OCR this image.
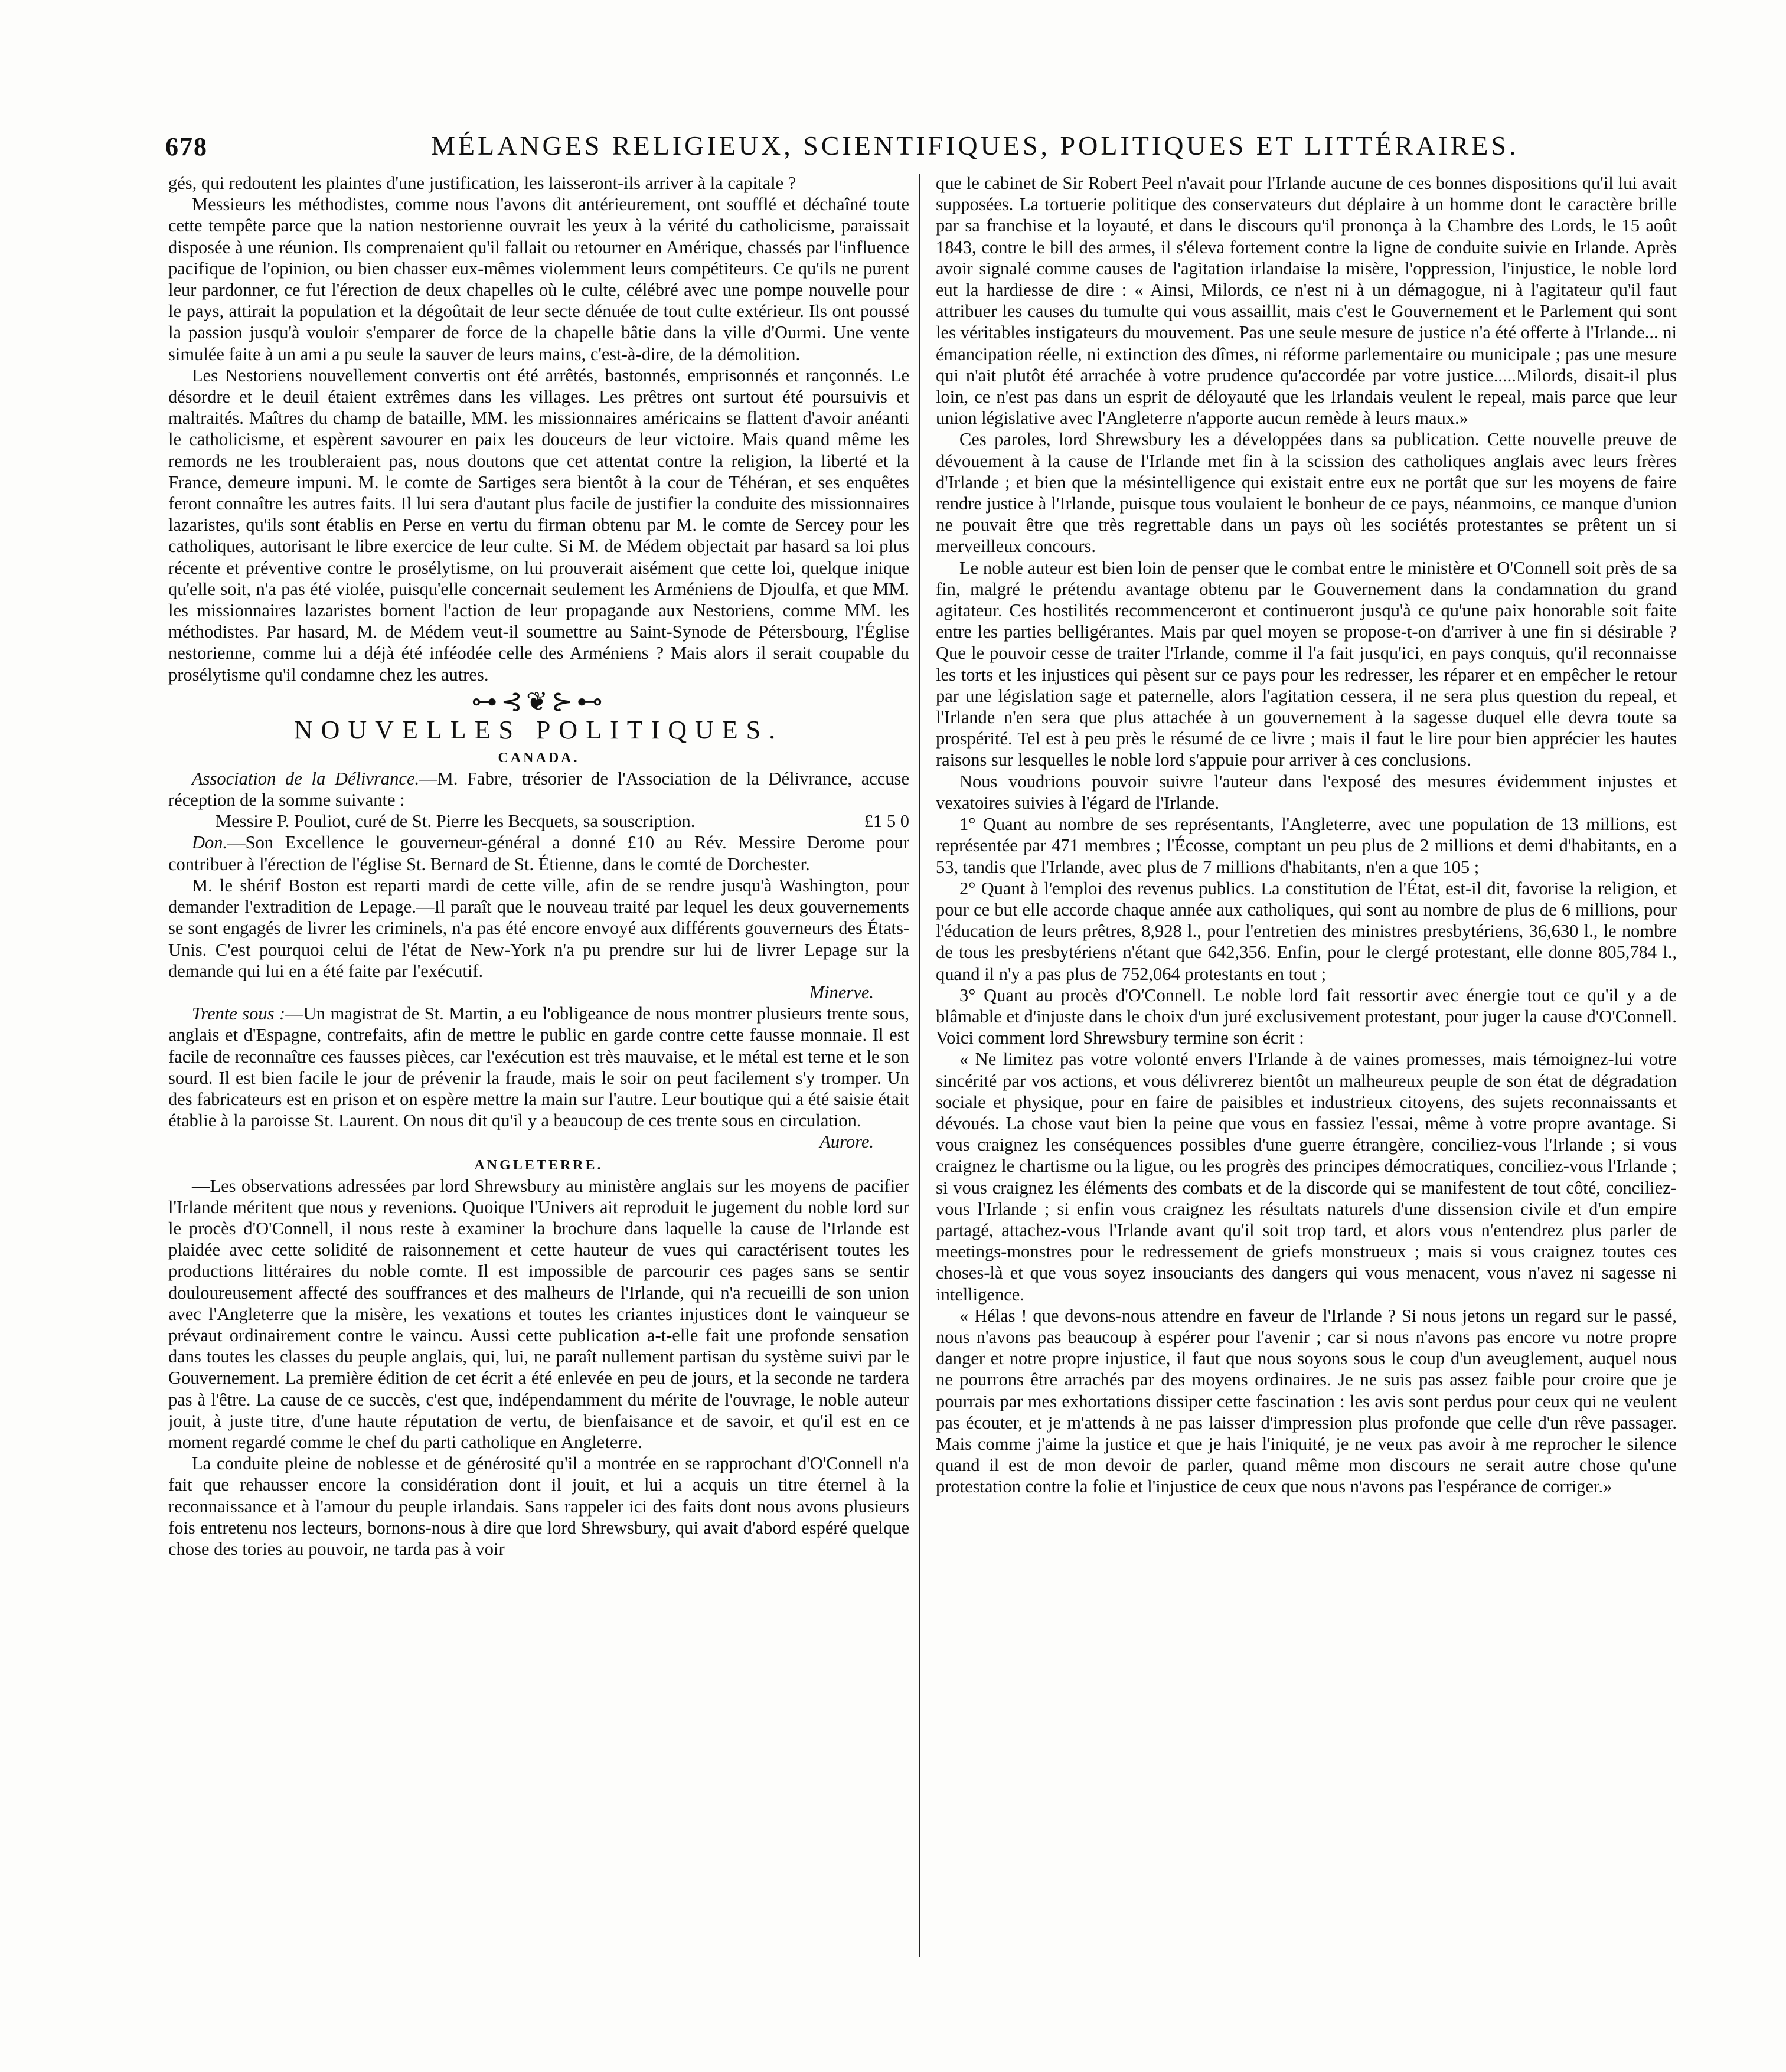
678	MÉLANGES RELIGIEUX, SCIENTIFIQUES, POLITIQUES ET LITTÉRAIRES.

gés, qui redoutent les plaintes d'une justification, les laisseront-ils arriver à la capitale ?

Messieurs les méthodistes, comme nous l'avons dit antérieurement, ont soufflé et déchaîné toute cette tempête parce que la nation nestorienne ouvrait les yeux à la vérité du catholicisme, paraissait disposée à une réunion. Ils comprenaient qu'il fallait ou retourner en Amérique, chassés par l'influence pacifique de l'opinion, ou bien chasser eux-mêmes violemment leurs compétiteurs. Ce qu'ils ne purent leur pardonner, ce fut l'érection de deux chapelles où le culte, célébré avec une pompe nouvelle pour le pays, attirait la population et la dégoûtait de leur secte dénuée de tout culte extérieur. Ils ont poussé la passion jusqu'à vouloir s'emparer de force de la chapelle bâtie dans la ville d'Ourmi. Une vente simulée faite à un ami a pu seule la sauver de leurs mains, c'est-à-dire, de la démolition.

Les Nestoriens nouvellement convertis ont été arrêtés, bastonnés, emprisonnés et rançonnés. Le désordre et le deuil étaient extrêmes dans les villages. Les prêtres ont surtout été poursuivis et maltraités. Maîtres du champ de bataille, MM. les missionnaires américains se flattent d'avoir anéanti le catholicisme, et espèrent savourer en paix les douceurs de leur victoire. Mais quand même les remords ne les troubleraient pas, nous doutons que cet attentat contre la religion, la liberté et la France, demeure impuni. M. le comte de Sartiges sera bientôt à la cour de Téhéran, et ses enquêtes feront connaître les autres faits. Il lui sera d'autant plus facile de justifier la conduite des missionnaires lazaristes, qu'ils sont établis en Perse en vertu du firman obtenu par M. le comte de Sercey pour les catholiques, autorisant le libre exercice de leur culte. Si M. de Médem objectait par hasard sa loi plus récente et préventive contre le prosélytisme, on lui prouverait aisément que cette loi, quelque inique qu'elle soit, n'a pas été violée, puisqu'elle concernait seulement les Arméniens de Djoulfa, et que MM. les missionnaires lazaristes bornent l'action de leur propagande aux Nestoriens, comme MM. les méthodistes. Par hasard, M. de Médem veut-il soumettre au Saint-Synode de Pétersbourg, l'Église nestorienne, comme lui a déjà été inféodée celle des Arméniens ? Mais alors il serait coupable du prosélytisme qu'il condamne chez les autres.

⊶⊰❦⊱⊷
NOUVELLES POLITIQUES.
CANADA.

Association de la Délivrance.—M. Fabre, trésorier de l'Association de la Délivrance, accuse réception de la somme suivante :

Messire P. Pouliot, curé de St. Pierre les Becquets, sa souscription.	£1 5 0

Don.—Son Excellence le gouverneur-général a donné £10 au Rév. Messire Derome pour contribuer à l'érection de l'église St. Bernard de St. Étienne, dans le comté de Dorchester.

M. le shérif Boston est reparti mardi de cette ville, afin de se rendre jusqu'à Washington, pour demander l'extradition de Lepage.—Il paraît que le nouveau traité par lequel les deux gouvernements se sont engagés de livrer les criminels, n'a pas été encore envoyé aux différents gouverneurs des États-Unis. C'est pourquoi celui de l'état de New-York n'a pu prendre sur lui de livrer Lepage sur la demande qui lui en a été faite par l'exécutif.

Minerve.

Trente sous :—Un magistrat de St. Martin, a eu l'obligeance de nous montrer plusieurs trente sous, anglais et d'Espagne, contrefaits, afin de mettre le public en garde contre cette fausse monnaie. Il est facile de reconnaître ces fausses pièces, car l'exécution est très mauvaise, et le métal est terne et le son sourd. Il est bien facile le jour de prévenir la fraude, mais le soir on peut facilement s'y tromper. Un des fabricateurs est en prison et on espère mettre la main sur l'autre. Leur boutique qui a été saisie était établie à la paroisse St. Laurent. On nous dit qu'il y a beaucoup de ces trente sous en circulation.

Aurore.
ANGLETERRE.

—Les observations adressées par lord Shrewsbury au ministère anglais sur les moyens de pacifier l'Irlande méritent que nous y revenions. Quoique l'Univers ait reproduit le jugement du noble lord sur le procès d'O'Connell, il nous reste à examiner la brochure dans laquelle la cause de l'Irlande est plaidée avec cette solidité de raisonnement et cette hauteur de vues qui caractérisent toutes les productions littéraires du noble comte. Il est impossible de parcourir ces pages sans se sentir douloureusement affecté des souffrances et des malheurs de l'Irlande, qui n'a recueilli de son union avec l'Angleterre que la misère, les vexations et toutes les criantes injustices dont le vainqueur se prévaut ordinairement contre le vaincu. Aussi cette publication a-t-elle fait une profonde sensation dans toutes les classes du peuple anglais, qui, lui, ne paraît nullement partisan du système suivi par le Gouvernement. La première édition de cet écrit a été enlevée en peu de jours, et la seconde ne tardera pas à l'être. La cause de ce succès, c'est que, indépendamment du mérite de l'ouvrage, le noble auteur jouit, à juste titre, d'une haute réputation de vertu, de bienfaisance et de savoir, et qu'il est en ce moment regardé comme le chef du parti catholique en Angleterre.

La conduite pleine de noblesse et de générosité qu'il a montrée en se rapprochant d'O'Connell n'a fait que rehausser encore la considération dont il jouit, et lui a acquis un titre éternel à la reconnaissance et à l'amour du peuple irlandais. Sans rappeler ici des faits dont nous avons plusieurs fois entretenu nos lecteurs, bornons-nous à dire que lord Shrewsbury, qui avait d'abord espéré quelque chose des tories au pouvoir, ne tarda pas à voir

que le cabinet de Sir Robert Peel n'avait pour l'Irlande aucune de ces bonnes dispositions qu'il lui avait supposées. La tortuerie politique des conservateurs dut déplaire à un homme dont le caractère brille par sa franchise et la loyauté, et dans le discours qu'il prononça à la Chambre des Lords, le 15 août 1843, contre le bill des armes, il s'éleva fortement contre la ligne de conduite suivie en Irlande. Après avoir signalé comme causes de l'agitation irlandaise la misère, l'oppression, l'injustice, le noble lord eut la hardiesse de dire : « Ainsi, Milords, ce n'est ni à un démagogue, ni à l'agitateur qu'il faut attribuer les causes du tumulte qui vous assaillit, mais c'est le Gouvernement et le Parlement qui sont les véritables instigateurs du mouvement. Pas une seule mesure de justice n'a été offerte à l'Irlande... ni émancipation réelle, ni extinction des dîmes, ni réforme parlementaire ou municipale ; pas une mesure qui n'ait plutôt été arrachée à votre prudence qu'accordée par votre justice.....Milords, disait-il plus loin, ce n'est pas dans un esprit de déloyauté que les Irlandais veulent le repeal, mais parce que leur union législative avec l'Angleterre n'apporte aucun remède à leurs maux.»

Ces paroles, lord Shrewsbury les a développées dans sa publication. Cette nouvelle preuve de dévouement à la cause de l'Irlande met fin à la scission des catholiques anglais avec leurs frères d'Irlande ; et bien que la mésintelligence qui existait entre eux ne portât que sur les moyens de faire rendre justice à l'Irlande, puisque tous voulaient le bonheur de ce pays, néanmoins, ce manque d'union ne pouvait être que très regrettable dans un pays où les sociétés protestantes se prêtent un si merveilleux concours.

Le noble auteur est bien loin de penser que le combat entre le ministère et O'Connell soit près de sa fin, malgré le prétendu avantage obtenu par le Gouvernement dans la condamnation du grand agitateur. Ces hostilités recommenceront et continueront jusqu'à ce qu'une paix honorable soit faite entre les parties belligérantes. Mais par quel moyen se propose-t-on d'arriver à une fin si désirable ? Que le pouvoir cesse de traiter l'Irlande, comme il l'a fait jusqu'ici, en pays conquis, qu'il reconnaisse les torts et les injustices qui pèsent sur ce pays pour les redresser, les réparer et en empêcher le retour par une législation sage et paternelle, alors l'agitation cessera, il ne sera plus question du repeal, et l'Irlande n'en sera que plus attachée à un gouvernement à la sagesse duquel elle devra toute sa prospérité. Tel est à peu près le résumé de ce livre ; mais il faut le lire pour bien apprécier les hautes raisons sur lesquelles le noble lord s'appuie pour arriver à ces conclusions.

Nous voudrions pouvoir suivre l'auteur dans l'exposé des mesures évidemment injustes et vexatoires suivies à l'égard de l'Irlande.

1° Quant au nombre de ses représentants, l'Angleterre, avec une population de 13 millions, est représentée par 471 membres ; l'Écosse, comptant un peu plus de 2 millions et demi d'habitants, en a 53, tandis que l'Irlande, avec plus de 7 millions d'habitants, n'en a que 105 ;

2° Quant à l'emploi des revenus publics. La constitution de l'État, est-il dit, favorise la religion, et pour ce but elle accorde chaque année aux catholiques, qui sont au nombre de plus de 6 millions, pour l'éducation de leurs prêtres, 8,928 l., pour l'entretien des ministres presbytériens, 36,630 l., le nombre de tous les presbytériens n'étant que 642,356. Enfin, pour le clergé protestant, elle donne 805,784 l., quand il n'y a pas plus de 752,064 protestants en tout ;

3° Quant au procès d'O'Connell. Le noble lord fait ressortir avec énergie tout ce qu'il y a de blâmable et d'injuste dans le choix d'un juré exclusivement protestant, pour juger la cause d'O'Connell. Voici comment lord Shrewsbury termine son écrit :

« Ne limitez pas votre volonté envers l'Irlande à de vaines promesses, mais témoignez-lui votre sincérité par vos actions, et vous délivrerez bientôt un malheureux peuple de son état de dégradation sociale et physique, pour en faire de paisibles et industrieux citoyens, des sujets reconnaissants et dévoués. La chose vaut bien la peine que vous en fassiez l'essai, même à votre propre avantage. Si vous craignez les conséquences possibles d'une guerre étrangère, conciliez-vous l'Irlande ; si vous craignez le chartisme ou la ligue, ou les progrès des principes démocratiques, conciliez-vous l'Irlande ; si vous craignez les éléments des combats et de la discorde qui se manifestent de tout côté, conciliez-vous l'Irlande ; si enfin vous craignez les résultats naturels d'une dissension civile et d'un empire partagé, attachez-vous l'Irlande avant qu'il soit trop tard, et alors vous n'entendrez plus parler de meetings-monstres pour le redressement de griefs monstrueux ; mais si vous craignez toutes ces choses-là et que vous soyez insouciants des dangers qui vous menacent, vous n'avez ni sagesse ni intelligence.

« Hélas ! que devons-nous attendre en faveur de l'Irlande ? Si nous jetons un regard sur le passé, nous n'avons pas beaucoup à espérer pour l'avenir ; car si nous n'avons pas encore vu notre propre danger et notre propre injustice, il faut que nous soyons sous le coup d'un aveuglement, auquel nous ne pourrons être arrachés par des moyens ordinaires. Je ne suis pas assez faible pour croire que je pourrais par mes exhortations dissiper cette fascination : les avis sont perdus pour ceux qui ne veulent pas écouter, et je m'attends à ne pas laisser d'impression plus profonde que celle d'un rêve passager. Mais comme j'aime la justice et que je hais l'iniquité, je ne veux pas avoir à me reprocher le silence quand il est de mon devoir de parler, quand même mon discours ne serait autre chose qu'une protestation contre la folie et l'injustice de ceux que nous n'avons pas l'espérance de corriger.»
